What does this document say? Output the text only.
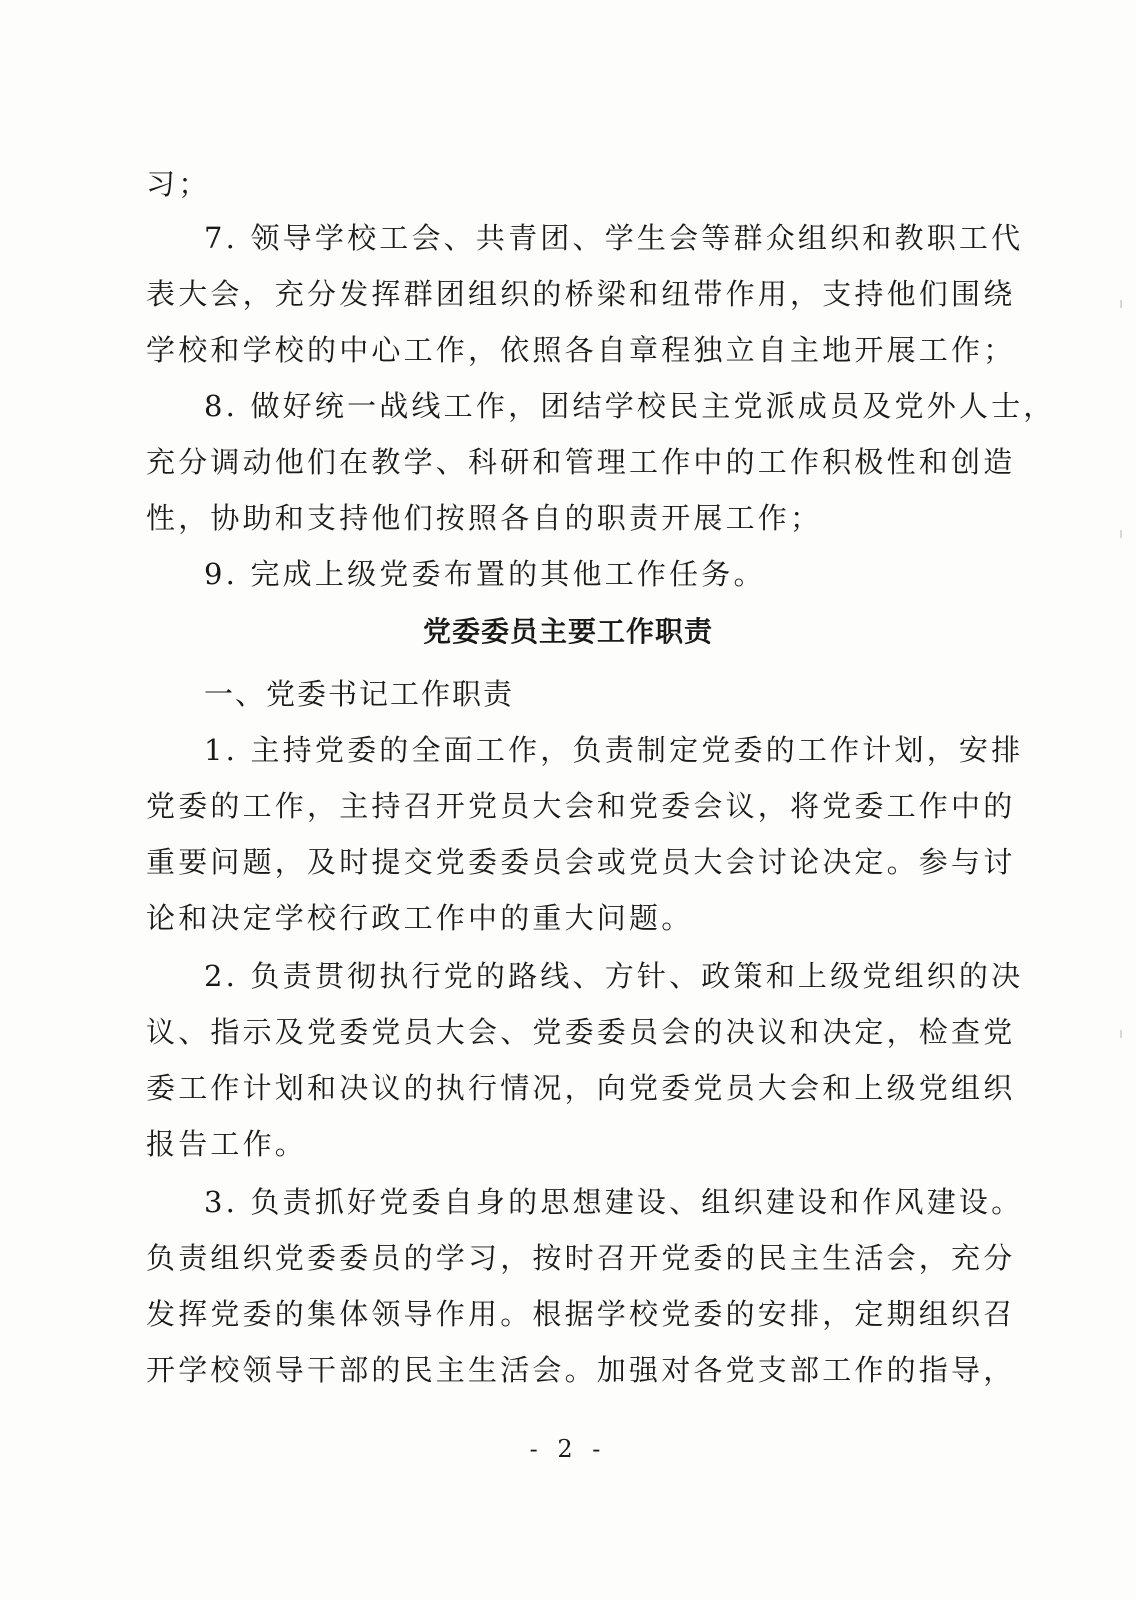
习；
7. 领导学校工会、共青团、学生会等群众组织和教职工代
表大会，充分发挥群团组织的桥梁和纽带作用，支持他们围绕
学校和学校的中心工作，依照各自章程独立自主地开展工作；
8. 做好统一战线工作，团结学校民主党派成员及党外人士，
充分调动他们在教学、科研和管理工作中的工作积极性和创造
性，协助和支持他们按照各自的职责开展工作；
9. 完成上级党委布置的其他工作任务。
党委委员主要工作职责
一、党委书记工作职责
1. 主持党委的全面工作，负责制定党委的工作计划，安排
党委的工作，主持召开党员大会和党委会议，将党委工作中的
重要问题，及时提交党委委员会或党员大会讨论决定。参与讨
论和决定学校行政工作中的重大问题。
2. 负责贯彻执行党的路线、方针、政策和上级党组织的决
议、指示及党委党员大会、党委委员会的决议和决定，检查党
委工作计划和决议的执行情况，向党委党员大会和上级党组织
报告工作。
3. 负责抓好党委自身的思想建设、组织建设和作风建设。
负责组织党委委员的学习，按时召开党委的民主生活会，充分
发挥党委的集体领导作用。根据学校党委的安排，定期组织召
开学校领导干部的民主生活会。加强对各党支部工作的指导，
- 2 -
